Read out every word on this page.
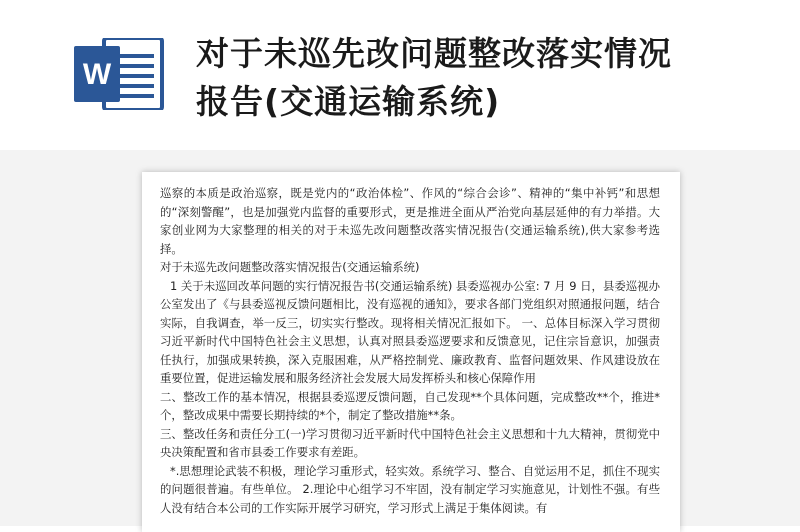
W
对于未巡先改问题整改落实情况
报告(交通运输系统)

巡察的本质是政治巡察，既是党内的“政治体检”、作风的“综合会诊”、精神的“集中补钙”和思想的“深刻警醒”，也是加强党内监督的重要形式，更是推进全面从严治党向基层延伸的有力举措。大家创业网为大家整理的相关的对于未巡先改问题整改落实情况报告(交通运输系统),供大家参考选择。

对于未巡先改问题整改落实情况报告(交通运输系统)

1 关于未巡回改革问题的实行情况报告书(交通运输系统) 县委巡视办公室: 7 月 9 日，县委巡视办公室发出了《与县委巡视反馈问题相比，没有巡视的通知》，要求各部门党组织对照通报问题，结合实际，自我调查，举一反三，切实实行整改。现将相关情况汇报如下。 一、总体目标深入学习贯彻习近平新时代中国特色社会主义思想，认真对照县委巡逻要求和反馈意见，记住宗旨意识，加强责任执行，加强成果转换，深入克服困难，从严格控制党、廉政教育、监督问题效果、作风建设放在重要位置，促进运输发展和服务经济社会发展大局发挥桥头和核心保障作用

二、整改工作的基本情况，根据县委巡逻反馈问题，自己发现**个具体问题，完成整改**个，推进*个，整改成果中需要长期持续的*个，制定了整改措施**条。

三、整改任务和责任分工(一)学习贯彻习近平新时代中国特色社会主义思想和十九大精神，贯彻党中央决策配置和省市县委工作要求有差距。

*.思想理论武装不积极，理论学习重形式，轻实效。系统学习、整合、自觉运用不足，抓住不现实的问题很普遍。有些单位。 2.理论中心组学习不牢固，没有制定学习实施意见，计划性不强。有些人没有结合本公司的工作实际开展学习研究，学习形式上满足于集体阅读。有
